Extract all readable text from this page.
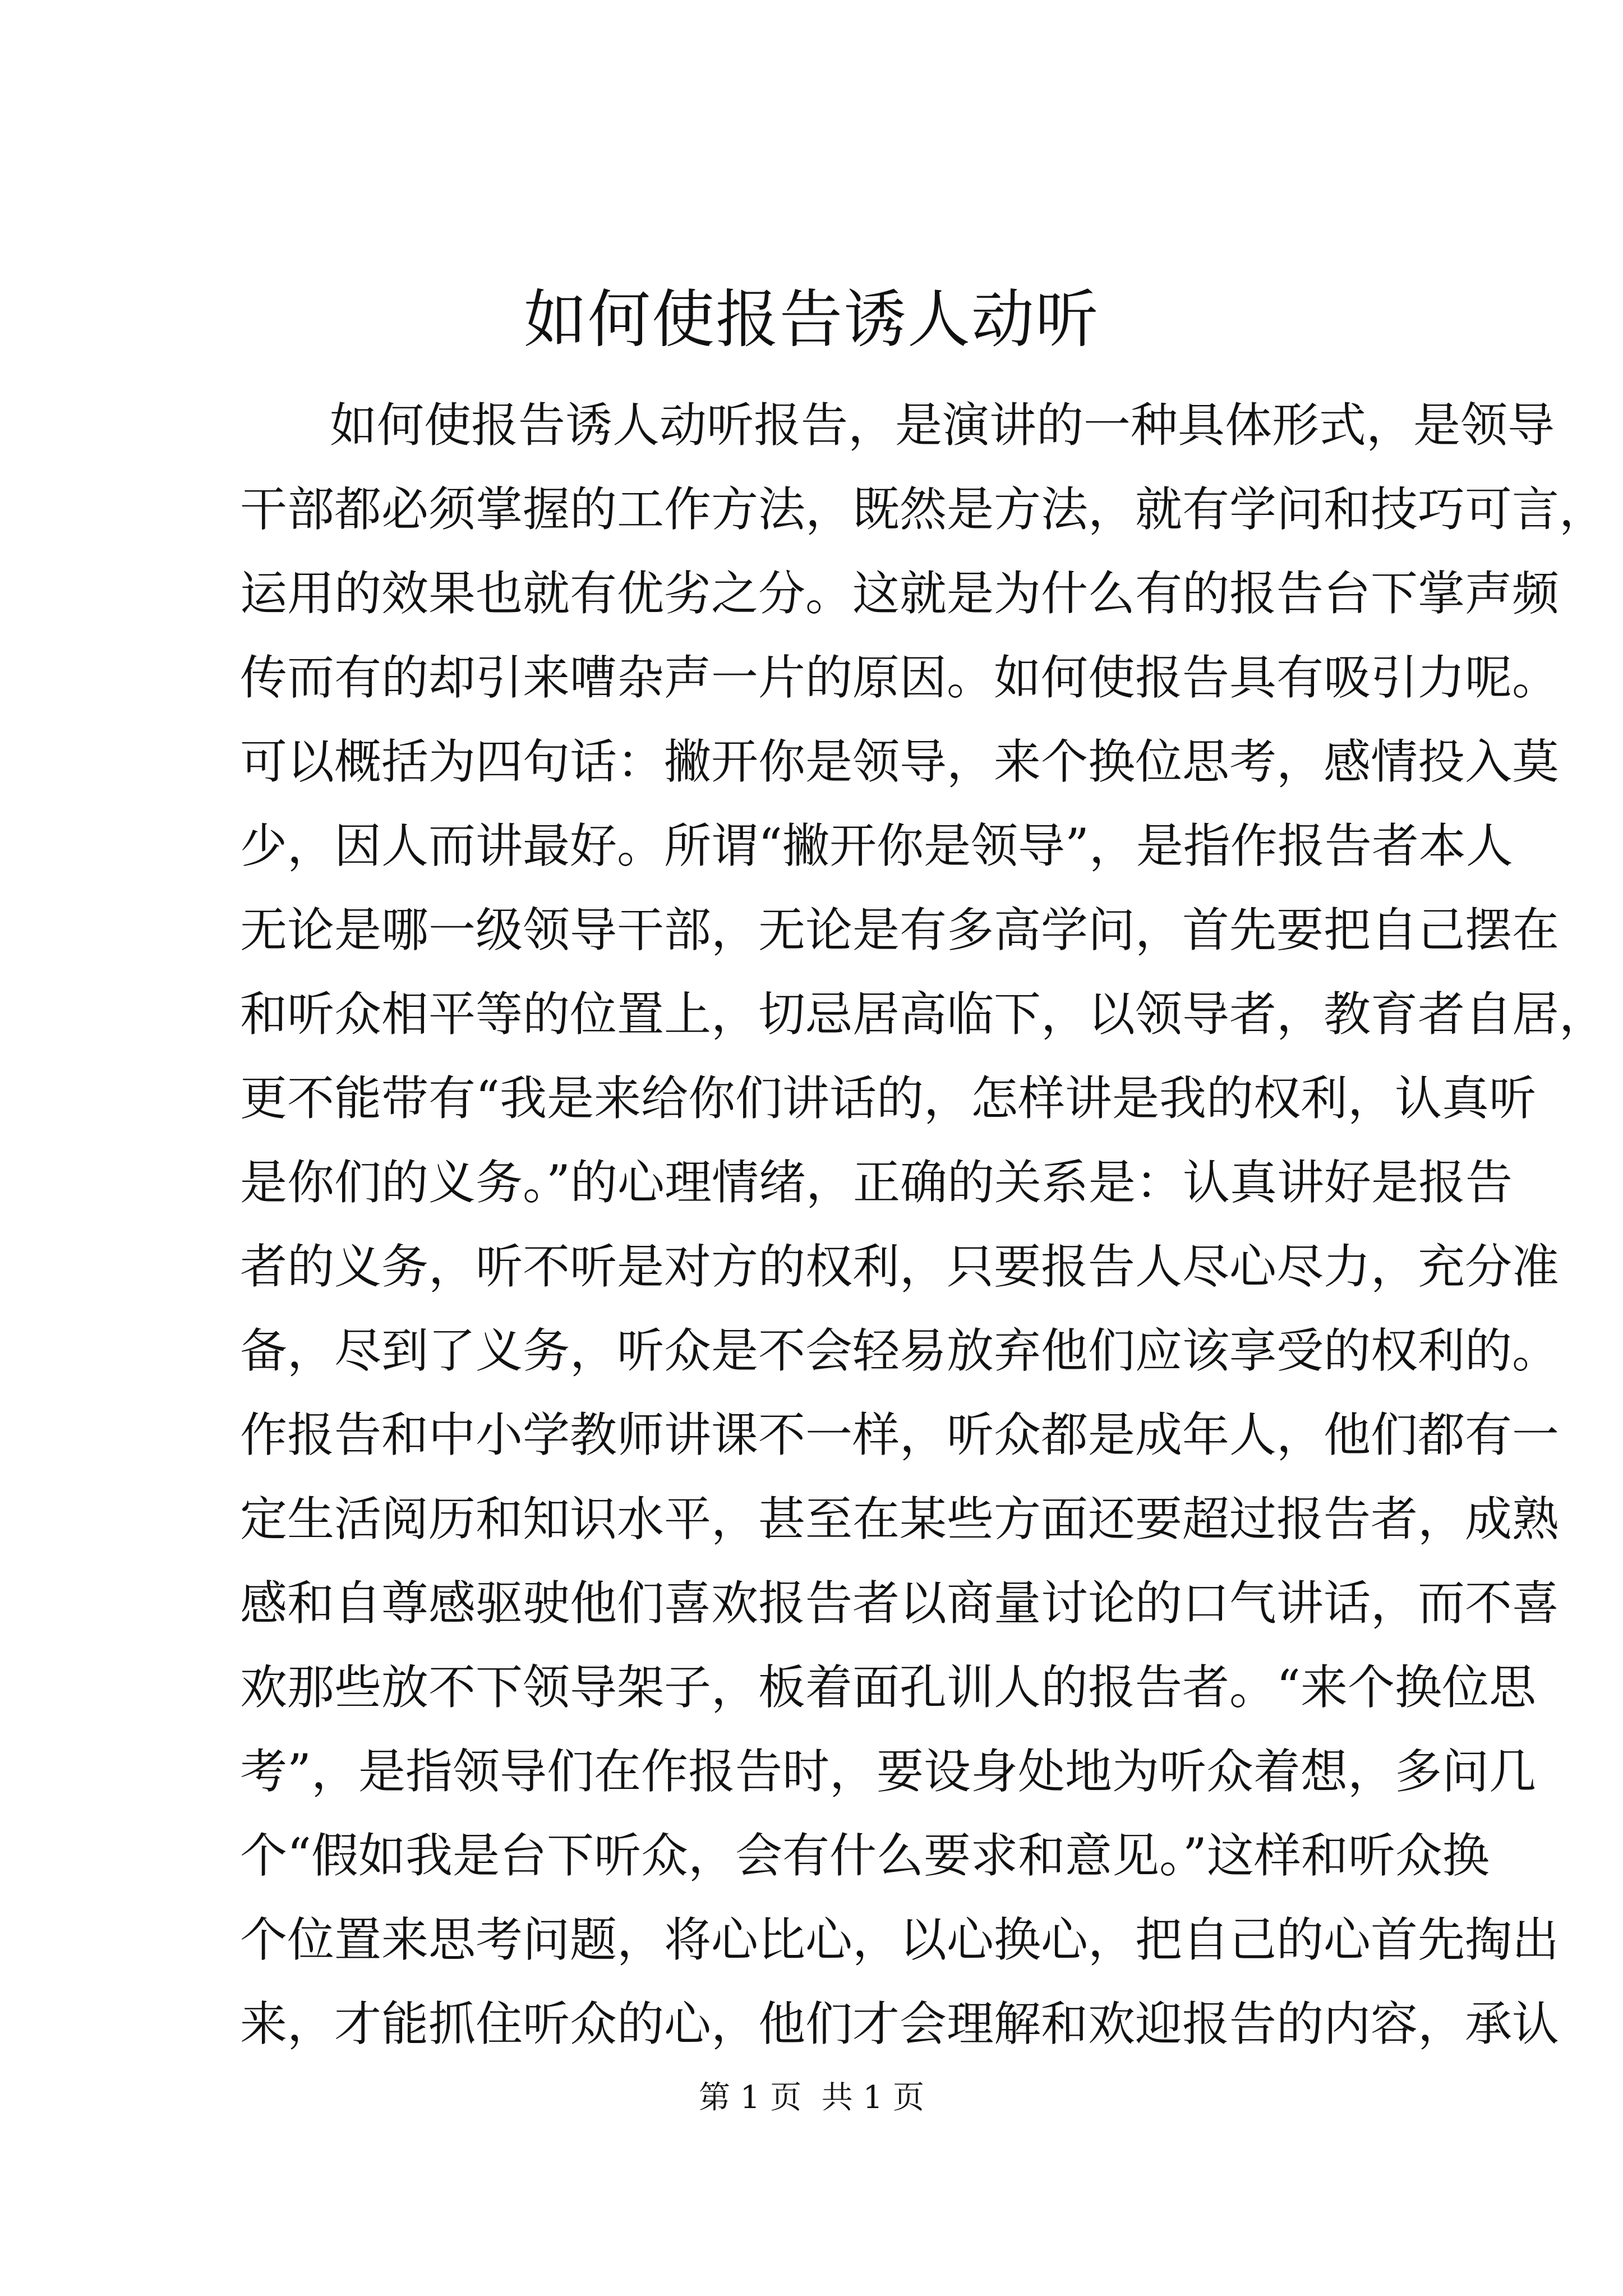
如何使报告诱人动听
如何使报告诱人动听报告，是演讲的一种具体形式，是领导
干部都必须掌握的工作方法，既然是方法，就有学问和技巧可言，
运用的效果也就有优劣之分。这就是为什么有的报告台下掌声频
传而有的却引来嘈杂声一片的原因。如何使报告具有吸引力呢。
可以概括为四句话：撇开你是领导，来个换位思考，感情投入莫
少，因人而讲最好。所谓“撇开你是领导”，是指作报告者本人
无论是哪一级领导干部，无论是有多高学问，首先要把自己摆在
和听众相平等的位置上，切忌居高临下，以领导者，教育者自居，
更不能带有“我是来给你们讲话的，怎样讲是我的权利，认真听
是你们的义务。”的心理情绪，正确的关系是：认真讲好是报告
者的义务，听不听是对方的权利，只要报告人尽心尽力，充分准
备，尽到了义务，听众是不会轻易放弃他们应该享受的权利的。
作报告和中小学教师讲课不一样，听众都是成年人，他们都有一
定生活阅历和知识水平，甚至在某些方面还要超过报告者，成熟
感和自尊感驱驶他们喜欢报告者以商量讨论的口气讲话，而不喜
欢那些放不下领导架子，板着面孔训人的报告者。“来个换位思
考”，是指领导们在作报告时，要设身处地为听众着想，多问几
个“假如我是台下听众，会有什么要求和意见。”这样和听众换
个位置来思考问题，将心比心，以心换心，把自己的心首先掏出
来，才能抓住听众的心，他们才会理解和欢迎报告的内容，承认
第 1 页  共 1 页
